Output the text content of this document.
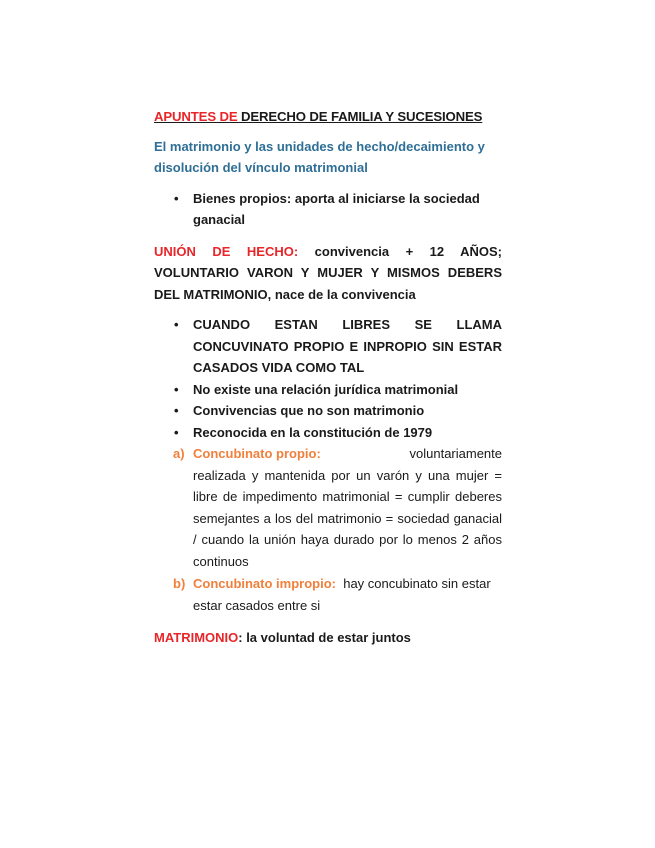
APUNTES DE DERECHO DE FAMILIA Y SUCESIONES
El matrimonio y las unidades de hecho/decaimiento y disolución del vínculo matrimonial
• Bienes propios: aporta al iniciarse la sociedad ganacial
UNIÓN DE HECHO: convivencia + 12 AÑOS; VOLUNTARIO VARON Y MUJER Y MISMOS DEBERS DEL MATRIMONIO, nace de la convivencia
• CUANDO ESTAN LIBRES SE LLAMA CONCUVINATO PROPIO E INPROPIO SIN ESTAR CASADOS VIDA COMO TAL
• No existe una relación jurídica matrimonial
• Convivencias que no son matrimonio
• Reconocida en la constitución de 1979
a) Concubinato propio:	voluntariamente
realizada y mantenida por un varón y una mujer = libre de impedimento matrimonial = cumplir deberes semejantes a los del matrimonio = sociedad ganacial / cuando la unión haya durado por lo menos 2 años continuos
b) Concubinato impropio: hay concubinato sin estar estar casados entre si
MATRIMONIO: la voluntad de estar juntos
